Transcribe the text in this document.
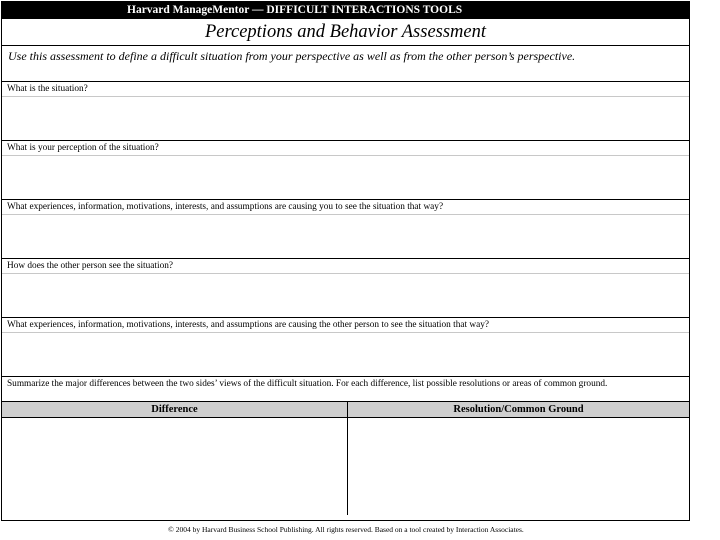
Harvard ManageMentor — DIFFICULT INTERACTIONS TOOLS
Perceptions and Behavior Assessment
Use this assessment to define a difficult situation from your perspective as well as from the other person’s perspective.
What is the situation?
What is your perception of the situation?
What experiences, information, motivations, interests, and assumptions are causing you to see the situation that way?
How does the other person see the situation?
What experiences, information, motivations, interests, and assumptions are causing the other person to see the situation that way?
Summarize the major differences between the two sides’ views of the difficult situation. For each difference, list possible resolutions or areas of common ground.
Difference	Resolution/Common Ground
© 2004 by Harvard Business School Publishing. All rights reserved. Based on a tool created by Interaction Associates.
